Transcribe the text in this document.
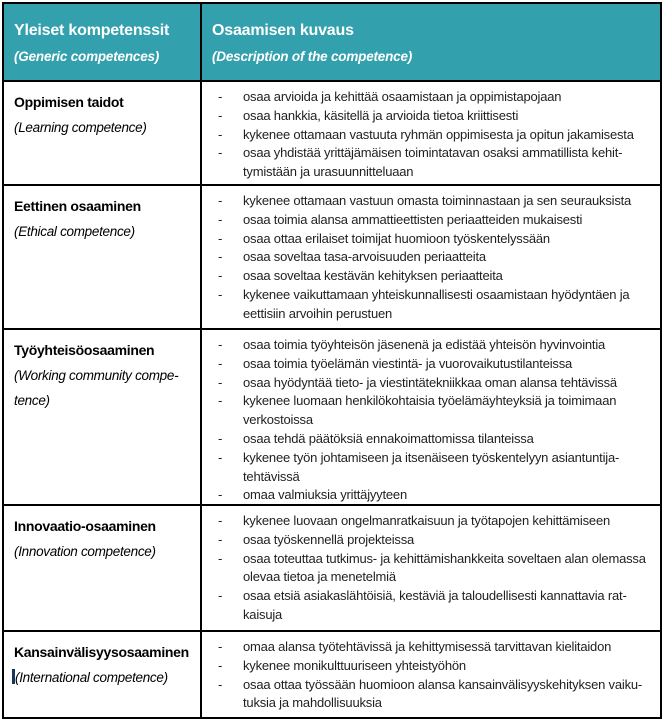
Yleiset kompetenssit
(Generic competences)
Osaamisen kuvaus
(Description of the competence)
Oppimisen taidot
(Learning competence)
-	osaa arvioida ja kehittää osaamistaan ja oppimistapojaan
-	osaa hankkia, käsitellä ja arvioida tietoa kriittisesti
-	kykenee ottamaan vastuuta ryhmän oppimisesta ja opitun jakamisesta
-	osaa yhdistää yrittäjämäisen toimintatavan osaksi ammatillista kehittymistään ja urasuunnitteluaan
Eettinen osaaminen
(Ethical competence)
-	kykenee ottamaan vastuun omasta toiminnastaan ja sen seurauksista
-	osaa toimia alansa ammattieettisten periaatteiden mukaisesti
-	osaa ottaa erilaiset toimijat huomioon työskentelyssään
-	osaa soveltaa tasa-arvoisuuden periaatteita
-	osaa soveltaa kestävän kehityksen periaatteita
-	kykenee vaikuttamaan yhteiskunnallisesti osaamistaan hyödyntäen ja eettisiin arvoihin perustuen
Työyhteisöosaaminen
(Working community competence)
-	osaa toimia työyhteisön jäsenenä ja edistää yhteisön hyvinvointia
-	osaa toimia työelämän viestintä- ja vuorovaikutustilanteissa
-	osaa hyödyntää tieto- ja viestintätekniikkaa oman alansa tehtävissä
-	kykenee luomaan henkilökohtaisia työelämäyhteyksiä ja toimimaan verkostoissa
-	osaa tehdä päätöksiä ennakoimattomissa tilanteissa
-	kykenee työn johtamiseen ja itsenäiseen työskentelyyn asiantuntijatehtävissä
-	omaa valmiuksia yrittäjyyteen
Innovaatio-osaaminen
(Innovation competence)
-	kykenee luovaan ongelmanratkaisuun ja työtapojen kehittämiseen
-	osaa työskennellä projekteissa
-	osaa toteuttaa tutkimus- ja kehittämishankkeita soveltaen alan olemassa olevaa tietoa ja menetelmiä
-	osaa etsiä asiakaslähtöisiä, kestäviä ja taloudellisesti kannattavia ratkaisuja
Kansainvälisyysosaaminen
(International competence)
-	omaa alansa työtehtävissä ja kehittymisessä tarvittavan kielitaidon
-	kykenee monikulttuuriseen yhteistyöhön
-	osaa ottaa työssään huomioon alansa kansainvälisyyskehityksen vaikutuksia ja mahdollisuuksia
